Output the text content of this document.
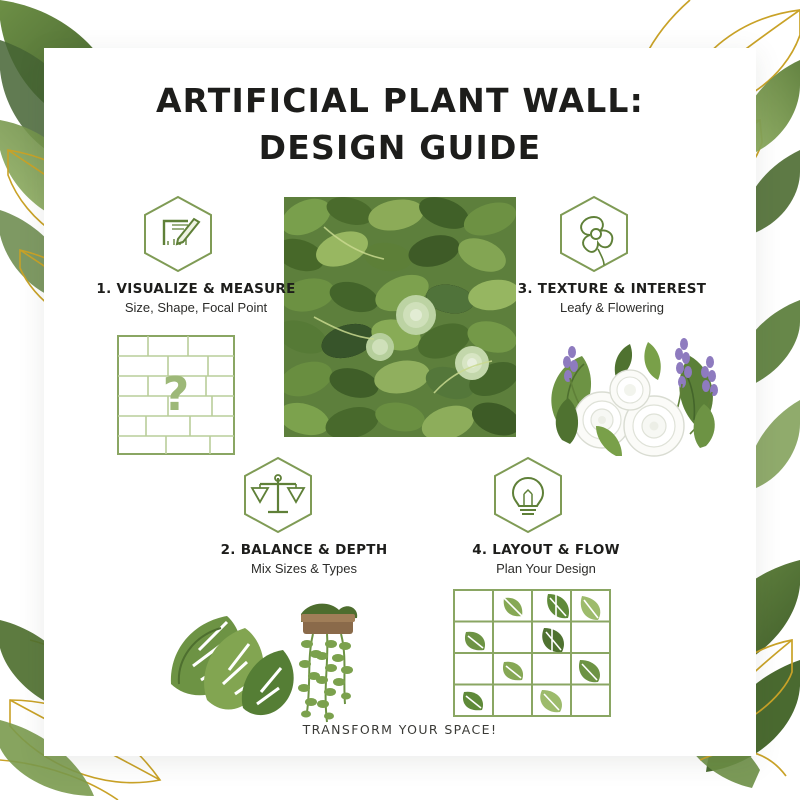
ARTIFICIAL PLANT WALL:
DESIGN GUIDE
?
1. VISUALIZE & MEASURE
Size, Shape, Focal Point
2. BALANCE & DEPTH
Mix Sizes & Types
3. TEXTURE & INTEREST
Leafy & Flowering
4. LAYOUT & FLOW
Plan Your Design
TRANSFORM YOUR SPACE!
